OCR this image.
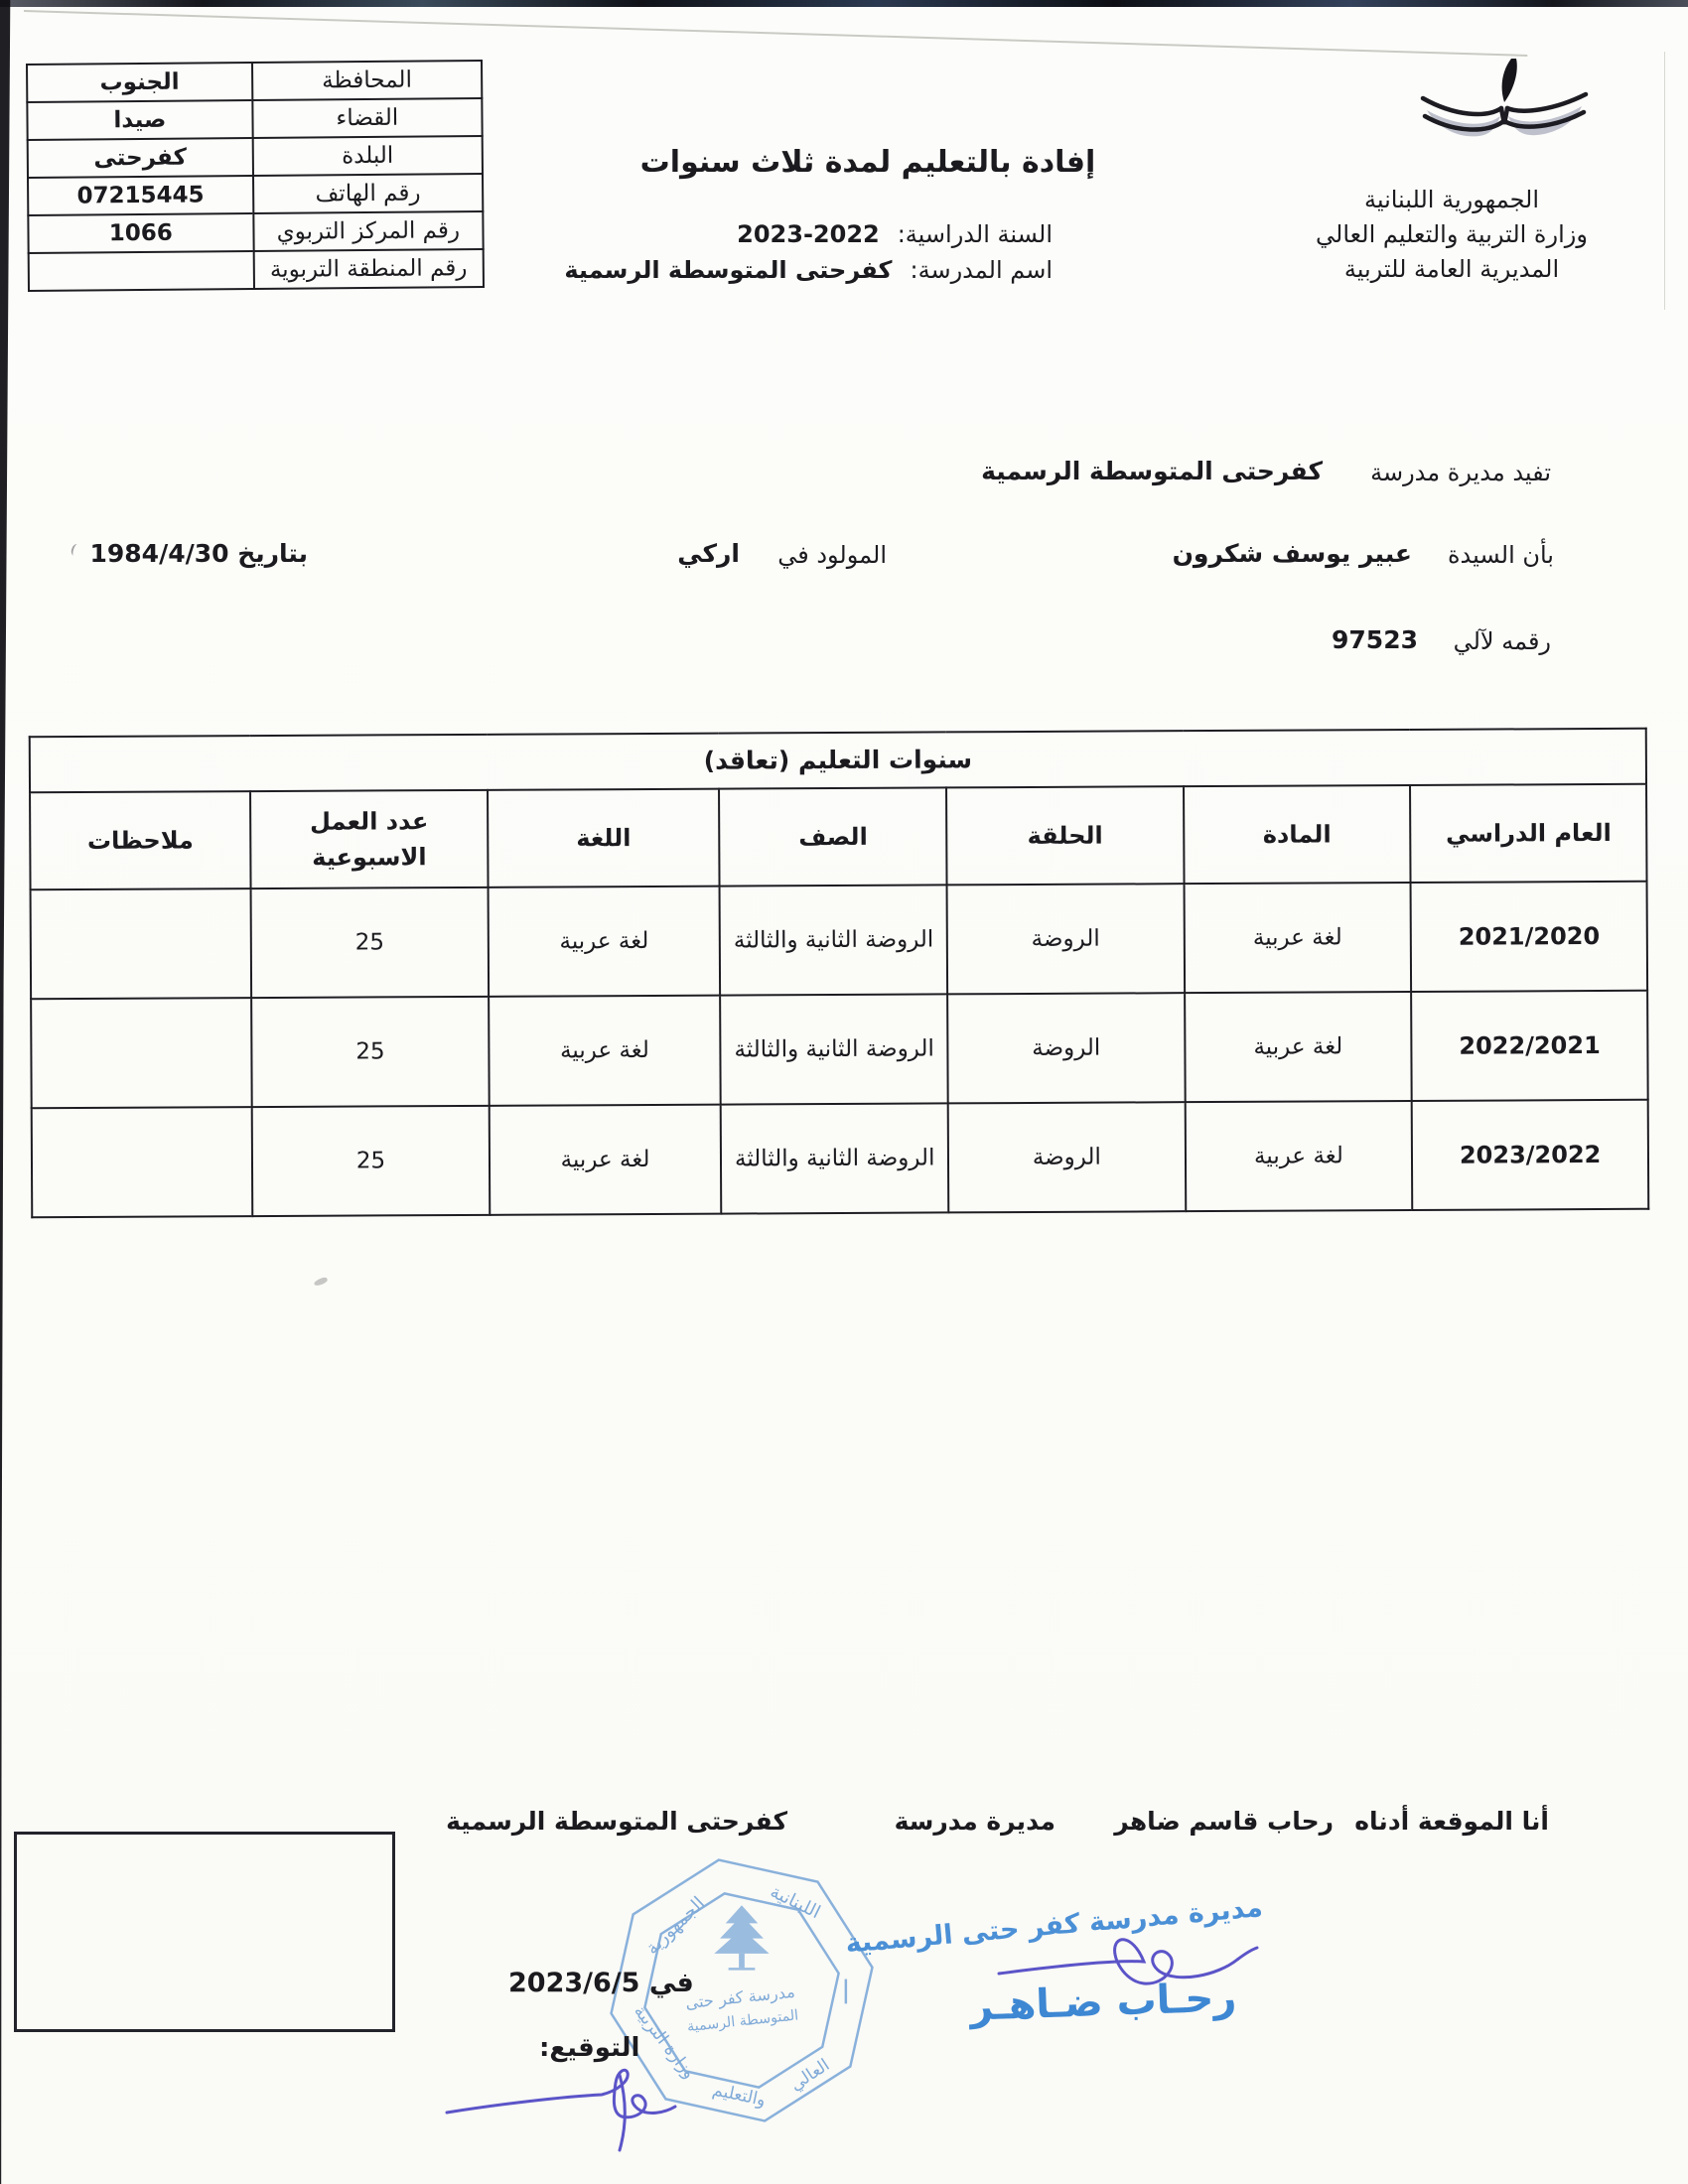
المحافظة	الجنوب
القضاء	صيدا
البلدة	كفرحتى
رقم الهاتف	07215445
رقم المركز التربوي	1066
رقم المنطقة التربوية	
الجمهورية اللبنانية
وزارة التربية والتعليم العالي
المديرية العامة للتربية
إفادة بالتعليم لمدة ثلاث سنوات
السنة الدراسية:
2023-2022
اسم المدرسة:
كفرحتى المتوسطة الرسمية
تفيد مديرة مدرسة
كفرحتى المتوسطة الرسمية
بأن السيدة
عبير يوسف شكرون
المولود في
اركي
بتاريخ 1984/4/30
رقمه لآلي
97523
سنوات التعليم (تعاقد)						
العام الدراسي	المادة	الحلقة	الصف	اللغة	عدد العمل الاسبوعية	ملاحظات
2021/2020	لغة عربية	الروضة	الروضة الثانية والثالثة	لغة عربية	25	
2022/2021	لغة عربية	الروضة	الروضة الثانية والثالثة	لغة عربية	25	
2023/2022	لغة عربية	الروضة	الروضة الثانية والثالثة	لغة عربية	25	
أنا الموقعة أدناه
رحاب قاسم ضاهر
مديرة مدرسة
كفرحتى المتوسطة الرسمية
الجمهورية	اللبنانية
وزارة التربية
والتعليم
العالي
مدرسة كفر حتى
المتوسطة الرسمية
مديرة مدرسة كفر حتى الرسمية
رحـاب ضـاهـر
في 2023/6/5
التوقيع:
